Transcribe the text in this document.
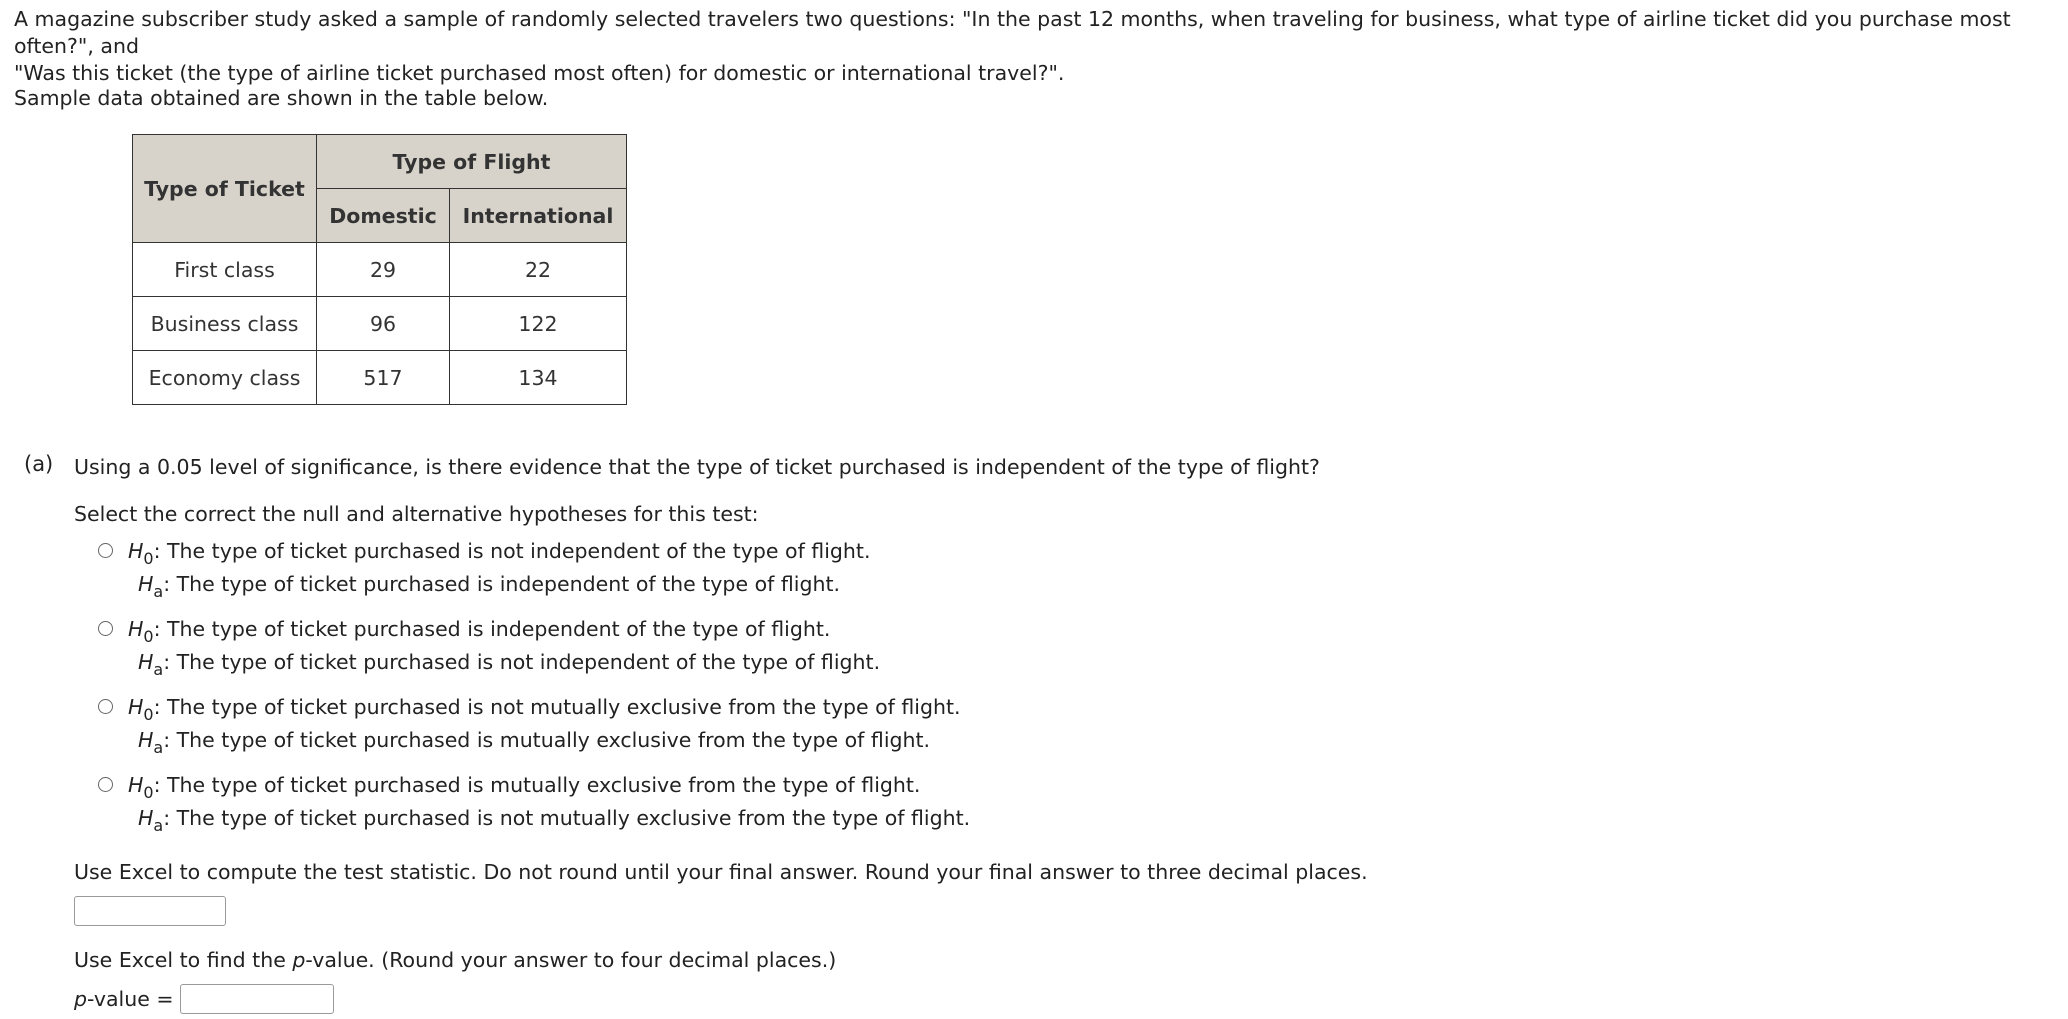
A magazine subscriber study asked a sample of randomly selected travelers two questions: "In the past 12 months, when traveling for business, what type of airline ticket did you purchase most often?", and
"Was this ticket (the type of airline ticket purchased most often) for domestic or international travel?".
Sample data obtained are shown in the table below.
Type of Ticket	Type of Flight	
	Domestic	International
First class	29	22
Business class	96	122
Economy class	517	134
(a) Using a 0.05 level of significance, is there evidence that the type of ticket purchased is independent of the type of flight?
Select the correct the null and alternative hypotheses for this test:
$H_0$: The type of ticket purchased is not independent of the type of flight.
$H_a$: The type of ticket purchased is independent of the type of flight.
$H_0$: The type of ticket purchased is independent of the type of flight.
$H_a$: The type of ticket purchased is not independent of the type of flight.
$H_0$: The type of ticket purchased is not mutually exclusive from the type of flight.
$H_a$: The type of ticket purchased is mutually exclusive from the type of flight.
$H_0$: The type of ticket purchased is mutually exclusive from the type of flight.
$H_a$: The type of ticket purchased is not mutually exclusive from the type of flight.
Use Excel to compute the test statistic. Do not round until your final answer. Round your final answer to three decimal places.
Use Excel to find the p-value. (Round your answer to four decimal places.)
p-value =
